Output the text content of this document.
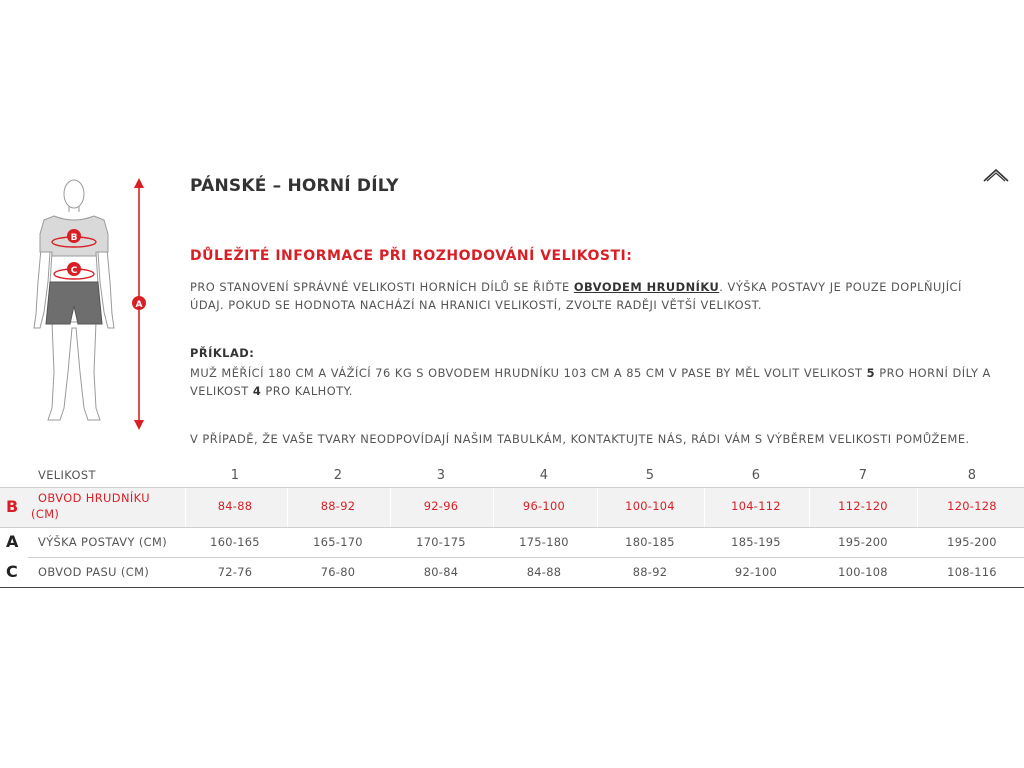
B
C
A
PÁNSKÉ – HORNÍ DÍLY
DŮLEŽITÉ INFORMACE PŘI ROZHODOVÁNÍ VELIKOSTI:
PRO STANOVENÍ SPRÁVNÉ VELIKOSTI HORNÍCH DÍLŮ SE ŘIĎTE OBVODEM HRUDNÍKU. VÝŠKA POSTAVY JE POUZE DOPLŇUJÍCÍ
ÚDAJ. POKUD SE HODNOTA NACHÁZÍ NA HRANICI VELIKOSTÍ, ZVOLTE RADĚJI VĚTŠÍ VELIKOST.
PŘÍKLAD:
MUŽ MĚŘÍCÍ 180 CM A VÁŽÍCÍ 76 KG S OBVODEM HRUDNÍKU 103 CM A 85 CM V PASE BY MĚL VOLIT VELIKOST 5 PRO HORNÍ DÍLY A
VELIKOST 4 PRO KALHOTY.
V PŘÍPADĚ, ŽE VAŠE TVARY NEODPOVÍDAJÍ NAŠIM TABULKÁM, KONTAKTUJTE NÁS, RÁDI VÁM S VÝBĚREM VELIKOSTI POMŮŽEME.
VELIKOST	1	2	3	4	5	6	7	8
B	OBVOD HRUDNÍKU
(CM)
84-88	88-92	92-96	96-100	100-104	104-112	112-120	120-128
A VÝŠKA POSTAVY (CM)	160-165	165-170	170-175	175-180	180-185	185-195	195-200	195-200
C OBVOD PASU (CM)	72-76	76-80	80-84	84-88	88-92	92-100	100-108	108-116
